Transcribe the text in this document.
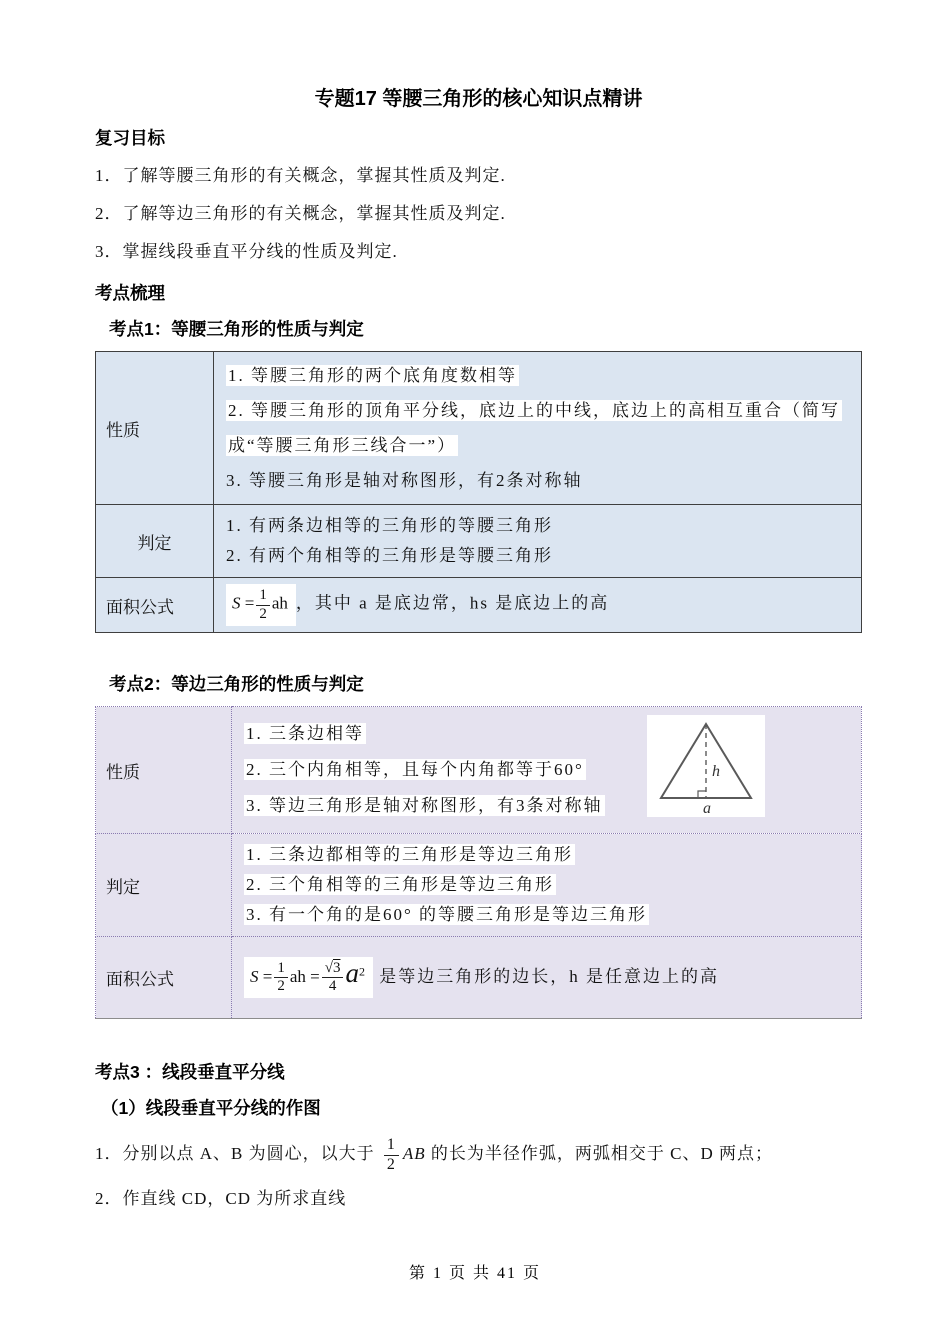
专题17 等腰三角形的核心知识点精讲
复习目标
1．了解等腰三角形的有关概念，掌握其性质及判定.
2．了解等边三角形的有关概念，掌握其性质及判定.
3．掌握线段垂直平分线的性质及判定.
考点梳理
考点1：等腰三角形的性质与判定
性质	1. 等腰三角形的两个底角度数相等
2. 等腰三角形的顶角平分线，底边上的中线，底边上的高相互重合（简写成“等腰三角形三线合一”）
3. 等腰三角形是轴对称图形，有2条对称轴

判定	1. 有两条边相等的三角形的等腰三角形
2. 有两个角相等的三角形是等腰三角形

面积公式	$S = \frac{1}{2}$ ah ，其中 a 是底边常，hs 是底边上的高
考点2：等边三角形的性质与判定
性质	1. 三条边相等
2. 三个内角相等，且每个内角都等于60°
3. 等边三角形是轴对称图形，有3条对称轴
h
a

判定	1. 三条边都相等的三角形是等边三角形
2. 三个角相等的三角形是等边三角形
3. 有一个角的是60° 的等腰三角形是等边三角形

面积公式	$S = \frac{1}{2}$ ah = $\frac{√3}{4} a^2$ 是等边三角形的边长，h 是任意边上的高
考点3 ：线段垂直平分线
（1）线段垂直平分线的作图
1．分别以点 A、B 为圆心，以大于 $\frac{1}{2}$ AB 的长为半径作弧，两弧相交于 C、D 两点；
2．作直线 CD，CD 为所求直线
第 1 页 共 41 页
